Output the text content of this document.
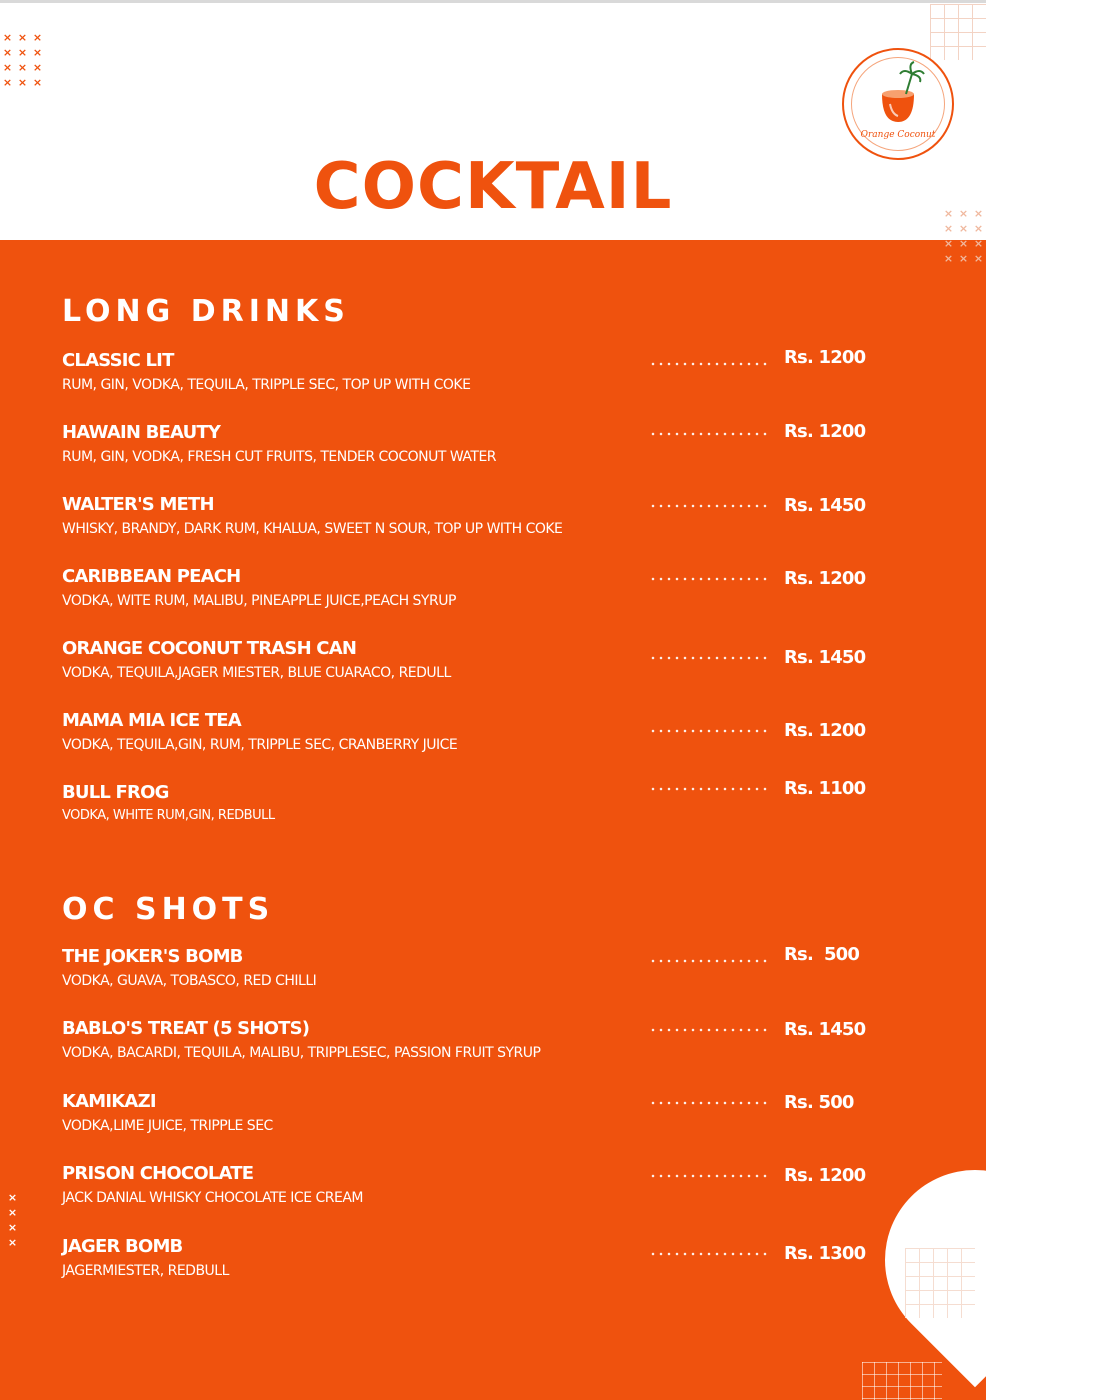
× × ×
× × ×
× × ×
× × ×
Orange Coconut
COCKTAIL	× × ×
× × ×
× × ×
× × ×
×
×
×
×
LONG DRINKS
CLASSIC LIT
RUM, GIN, VODKA, TEQUILA, TRIPPLE SEC, TOP UP WITH COKE
Rs. 1200
HAWAIN BEAUTY
RUM, GIN, VODKA, FRESH CUT FRUITS, TENDER COCONUT WATER
Rs. 1200
WALTER'S METH
WHISKY, BRANDY, DARK RUM, KHALUA, SWEET N SOUR, TOP UP WITH COKE
Rs. 1450
CARIBBEAN PEACH
VODKA, WITE RUM, MALIBU, PINEAPPLE JUICE,PEACH SYRUP
Rs. 1200
ORANGE COCONUT TRASH CAN
VODKA, TEQUILA,JAGER MIESTER, BLUE CUARACO, REDULL
Rs. 1450
MAMA MIA ICE TEA
VODKA, TEQUILA,GIN, RUM, TRIPPLE SEC, CRANBERRY JUICE
Rs. 1200
BULL FROG
VODKA, WHITE RUM,GIN, REDBULL
Rs. 1100
OC SHOTS
THE JOKER'S BOMB
VODKA, GUAVA, TOBASCO, RED CHILLI
Rs.  500
BABLO'S TREAT (5 SHOTS)
VODKA, BACARDI, TEQUILA, MALIBU, TRIPPLESEC, PASSION FRUIT SYRUP
Rs. 1450
KAMIKAZI
VODKA,LIME JUICE, TRIPPLE SEC
Rs. 500
PRISON CHOCOLATE
JACK DANIAL WHISKY CHOCOLATE ICE CREAM
Rs. 1200
JAGER BOMB
JAGERMIESTER, REDBULL
Rs. 1300
